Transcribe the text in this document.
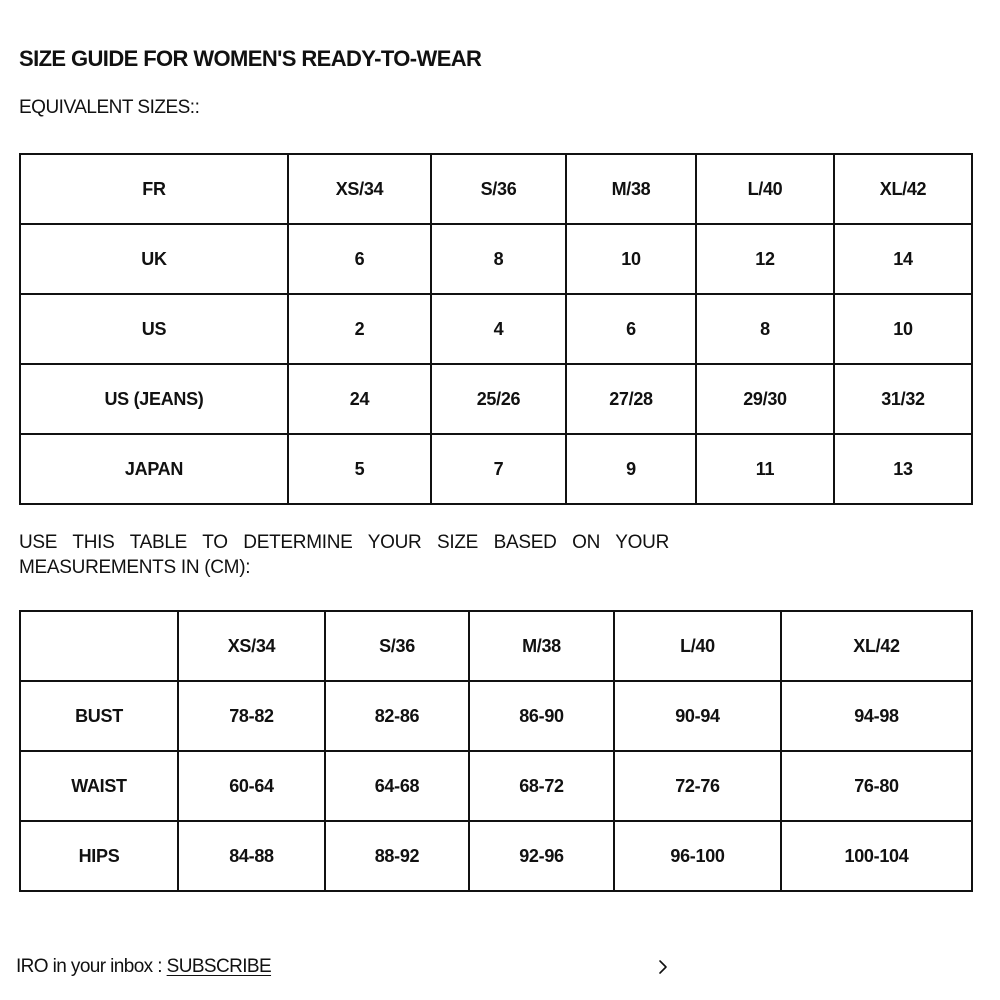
SIZE GUIDE FOR WOMEN'S READY-TO-WEAR
EQUIVALENT SIZES::
FR	XS/34	S/36	M/38	L/40	XL/42
UK	6	8	10	12	14
US	2	4	6	8	10
US (JEANS)	24	25/26	27/28	29/30	31/32
JAPAN	5	7	9	11	13
USE THIS TABLE TO DETERMINE YOUR SIZE BASED ON YOUR
MEASUREMENTS IN (CM):
	XS/34	S/36	M/38	L/40	XL/42
BUST	78-82	82-86	86-90	90-94	94-98
WAIST	60-64	64-68	68-72	72-76	76-80
HIPS	84-88	88-92	92-96	96-100	100-104
IRO in your inbox : SUBSCRIBE
